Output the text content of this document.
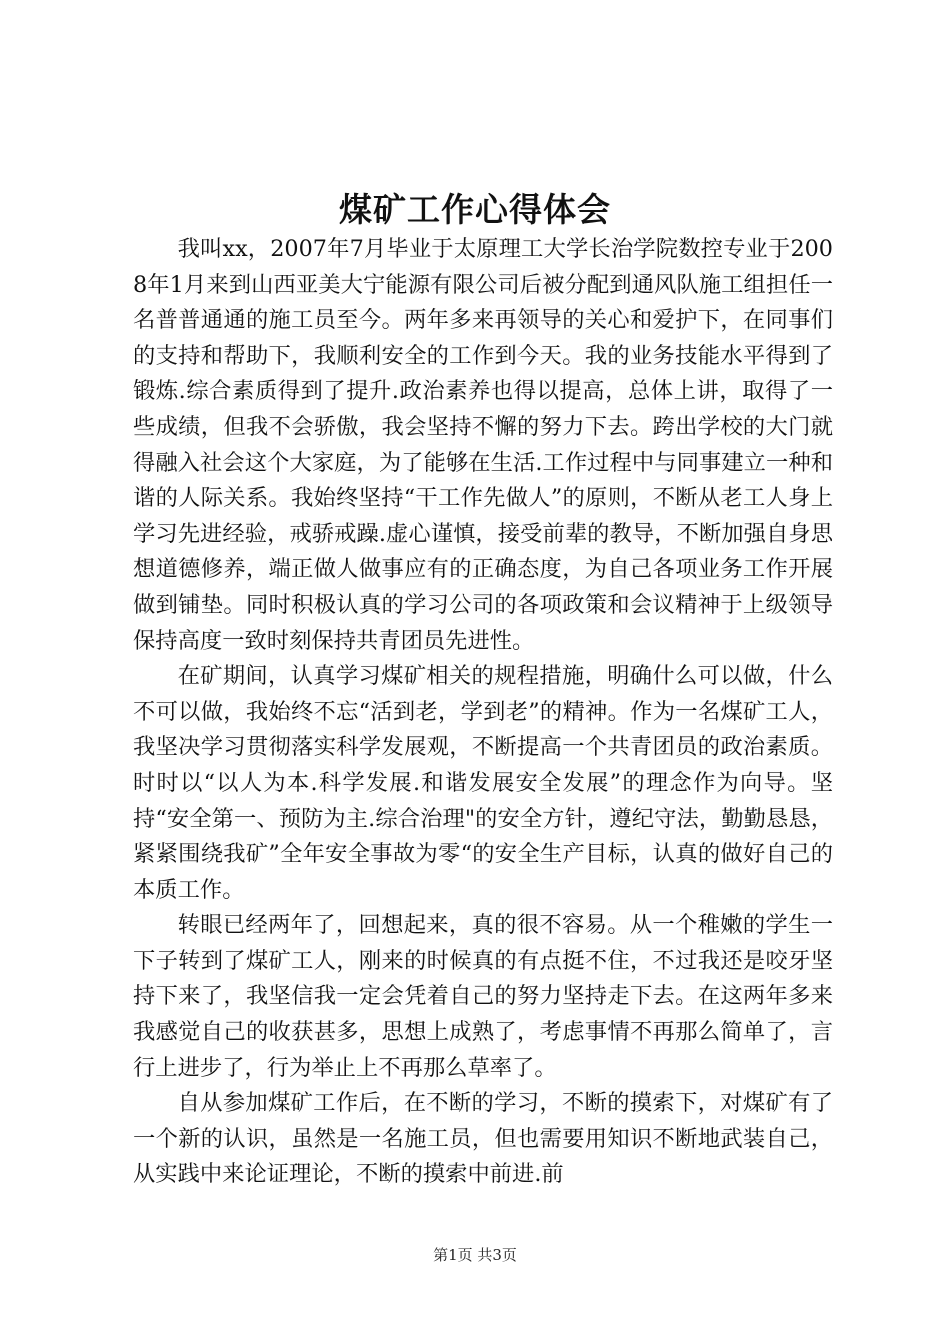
煤矿工作心得体会

我叫xx，2007年7月毕业于太原理工大学长治学院数控专业于2008年1月来到山西亚美大宁能源有限公司后被分配到通风队施工组担任一名普普通通的施工员至今。两年多来再领导的关心和爱护下，在同事们的支持和帮助下，我顺利安全的工作到今天。我的业务技能水平得到了锻炼.综合素质得到了提升.政治素养也得以提高，总体上讲，取得了一些成绩，但我不会骄傲，我会坚持不懈的努力下去。跨出学校的大门就得融入社会这个大家庭，为了能够在生活.工作过程中与同事建立一种和谐的人际关系。我始终坚持“干工作先做人”的原则，不断从老工人身上学习先进经验，戒骄戒躁.虚心谨慎，接受前辈的教导，不断加强自身思想道德修养，端正做人做事应有的正确态度，为自己各项业务工作开展做到铺垫。同时积极认真的学习公司的各项政策和会议精神于上级领导保持高度一致时刻保持共青团员先进性。

在矿期间，认真学习煤矿相关的规程措施，明确什么可以做，什么不可以做，我始终不忘“活到老，学到老”的精神。作为一名煤矿工人，我坚决学习贯彻落实科学发展观，不断提高一个共青团员的政治素质。时时以“以人为本.科学发展.和谐发展安全发展”的理念作为向导。坚持“安全第一、预防为主.综合治理"的安全方针，遵纪守法，勤勤恳恳，紧紧围绕我矿”全年安全事故为零“的安全生产目标，认真的做好自己的本质工作。

转眼已经两年了，回想起来，真的很不容易。从一个稚嫩的学生一下子转到了煤矿工人，刚来的时候真的有点挺不住，不过我还是咬牙坚持下来了，我坚信我一定会凭着自己的努力坚持走下去。在这两年多来我感觉自己的收获甚多，思想上成熟了，考虑事情不再那么简单了，言行上进步了，行为举止上不再那么草率了。

自从参加煤矿工作后，在不断的学习，不断的摸索下，对煤矿有了一个新的认识，虽然是一名施工员，但也需要用知识不断地武装自己，从实践中来论证理论，不断的摸索中前进.前

第1页 共3页
